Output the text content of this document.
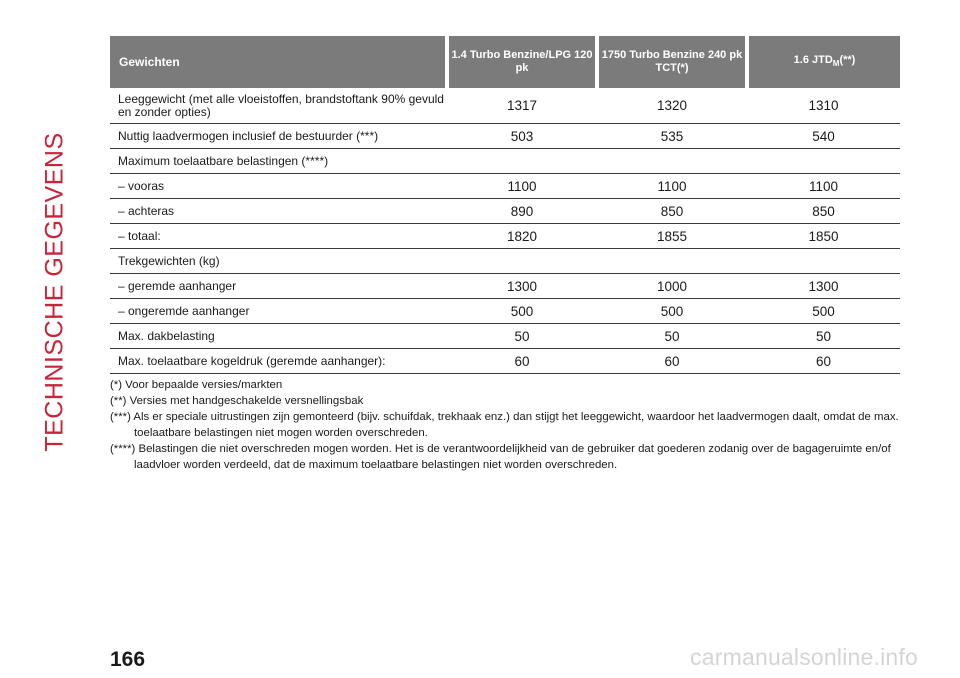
TECHNISCHE GEGEVENS
Gewichten	1.4 Turbo Benzine/LPG 120 pk	1750 Turbo Benzine 240 pk TCT(*)	1.6 $JTD_M(**)$
Leeggewicht (met alle vloeistoffen, brandstoftank 90% gevuld en zonder opties)	1317	1320	1310
Nuttig laadvermogen inclusief de bestuurder (***)	503	535	540
Maximum toelaatbare belastingen (****)			
– vooras	1100	1100	1100
– achteras	890	850	850
– totaal:	1820	1855	1850
Trekgewichten (kg)			
– geremde aanhanger	1300	1000	1300
– ongeremde aanhanger	500	500	500
Max. dakbelasting	50	50	50
Max. toelaatbare kogeldruk (geremde aanhanger):	60	60	60

(*) Voor bepaalde versies/markten

(**) Versies met handgeschakelde versnellingsbak

(***) Als er speciale uitrustingen zijn gemonteerd (bijv. schuifdak, trekhaak enz.) dan stijgt het leeggewicht, waardoor het laadvermogen daalt, omdat de max. toelaatbare belastingen niet mogen worden overschreden.

(****) Belastingen die niet overschreden mogen worden. Het is de verantwoordelijkheid van de gebruiker dat goederen zodanig over de bagageruimte en/of laadvloer worden verdeeld, dat de maximum toelaatbare belastingen niet worden overschreden.

166	carmanualsonline.info
